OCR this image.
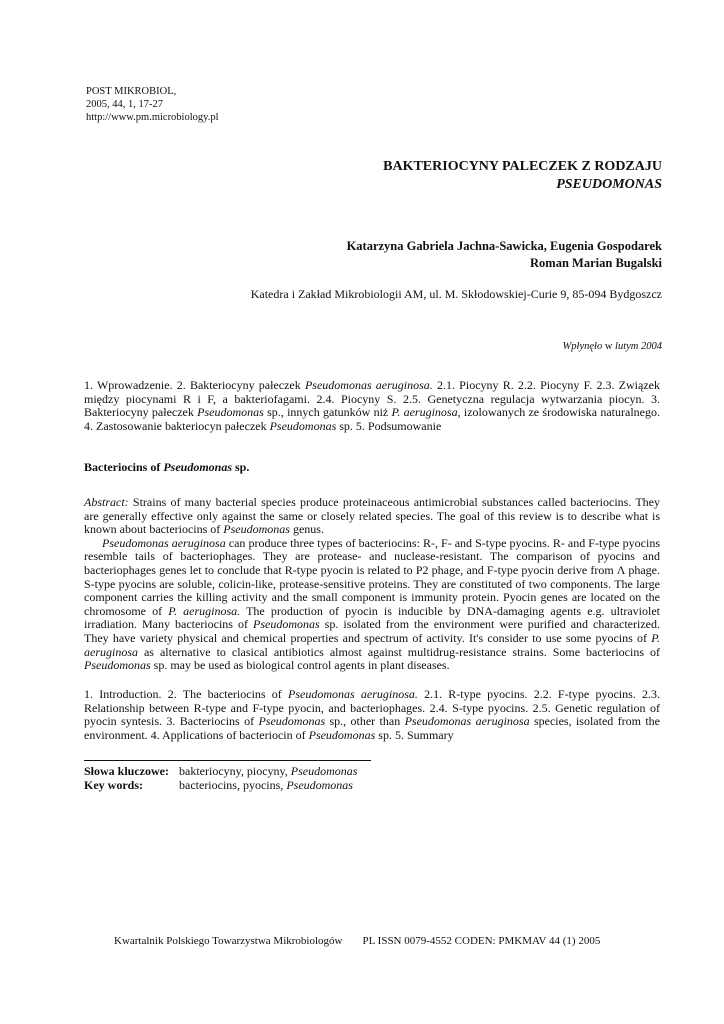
POST MIKROBIOL,
2005, 44, 1, 17-27
http://www.pm.microbiology.pl
BAKTERIOCYNY PALECZEK Z RODZAJU
PSEUDOMONAS
Katarzyna Gabriela Jachna-Sawicka, Eugenia Gospodarek
Roman Marian Bugalski
Katedra i Zakład Mikrobiologii AM, ul. M. Skłodowskiej-Curie 9, 85-094 Bydgoszcz
Wpłynęło w lutym 2004
1. Wprowadzenie. 2. Bakteriocyny pałeczek Pseudomonas aeruginosa. 2.1. Piocyny R. 2.2. Piocyny F. 2.3. Związek między piocynami R i F, a bakteriofagami. 2.4. Piocyny S. 2.5. Genetyczna regulacja wytwarzania piocyn. 3. Bakteriocyny pałeczek Pseudomonas sp., innych gatunków niż P. aeruginosa, izolowanych ze środowiska naturalnego. 4. Zastosowanie bakteriocyn pałeczek Pseudomonas sp. 5. Podsumowanie
Bacteriocins of Pseudomonas sp.
Abstract: Strains of many bacterial species produce proteinaceous antimicrobial substances called bacteriocins. They are generally effective only against the same or closely related species. The goal of this review is to describe what is known about bacteriocins of Pseudomonas genus.
Pseudomonas aeruginosa can produce three types of bacteriocins: R-, F- and S-type pyocins. R- and F-type pyocins resemble tails of bacteriophages. They are protease- and nuclease-resistant. The comparison of pyocins and bacteriophages genes let to conclude that R-type pyocin is related to P2 phage, and F-type pyocin derive from Λ phage. S-type pyocins are soluble, colicin-like, protease-sensitive proteins. They are constituted of two components. The large component carries the killing activity and the small component is immunity protein. Pyocin genes are located on the chromosome of P. aeruginosa. The production of pyocin is inducible by DNA-damaging agents e.g. ultraviolet irradiation. Many bacteriocins of Pseudomonas sp. isolated from the environment were purified and characterized. They have variety physical and chemical properties and spectrum of activity. It's consider to use some pyocins of P. aeruginosa as alternative to clasical antibiotics almost against multidrug-resistance strains. Some bacteriocins of Pseudomonas sp. may be used as biological control agents in plant diseases.
1. Introduction. 2. The bacteriocins of Pseudomonas aeruginosa. 2.1. R-type pyocins. 2.2. F-type pyocins. 2.3. Relationship between R-type and F-type pyocin, and bacteriophages. 2.4. S-type pyocins. 2.5. Genetic regulation of pyocin syntesis. 3. Bacteriocins of Pseudomonas sp., other than Pseudomonas aeruginosa species, isolated from the environment. 4. Applications of bacteriocin of Pseudomonas sp. 5. Summary
Słowa kluczowe: bakteriocyny, piocyny, Pseudomonas
Key words:	bacteriocins, pyocins, Pseudomonas
Kwartalnik Polskiego Towarzystwa Mikrobiologów PL ISSN 0079-4552 CODEN: PMKMAV 44 (1) 2005
